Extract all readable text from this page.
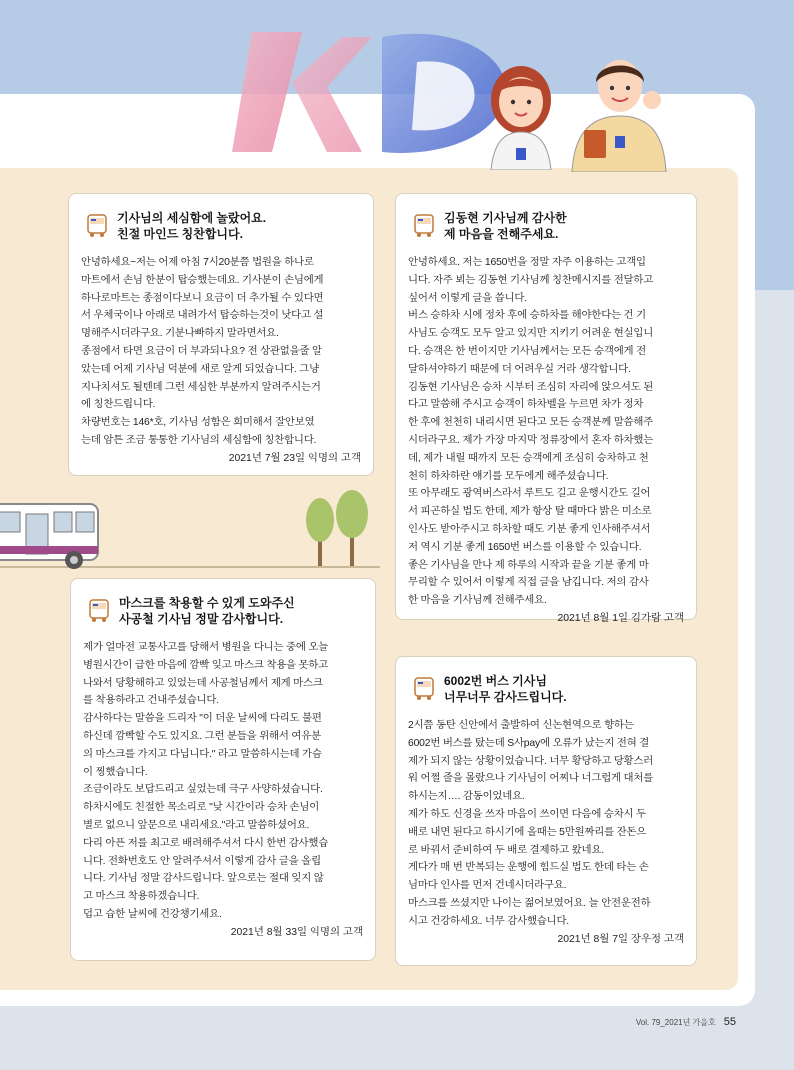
기사님의 세심함에 놀랐어요.
친절 마인드 칭찬합니다.
안녕하세요~저는 어제 아침 7시20분쯤 법원을 하나로
마트에서 손님 한분이 탑승했는데요. 기사분이 손님에게
하나로마트는 종점이다보니 요금이 더 추가될 수 있다면
서 우체국이나 아래로 내려가서 탑승하는것이 낫다고 설
명해주시더라구요. 기분나빠하지 말라면서요.
종점에서 타면 요금이 더 부과되나요? 전 상관없을줄 알
았는데 어제 기사님 덕분에 새로 알게 되었습니다. 그냥
지나치셔도 될텐데 그런 세심한 부분까지 알려주시는거
에 칭찬드립니다.
차량번호는 146*호, 기사님 성함은 희미해서 잘안보였
는데 암튼 조금 통통한 기사님의 세심함에 칭찬합니다.
2021년 7월 23일 익명의 고객
김동현 기사님께 감사한
제 마음을 전해주세요.
안녕하세요. 저는 1650번을 정말 자주 이용하는 고객입
니다. 자주 뵈는 김동현 기사님께 칭찬메시지를 전달하고
싶어서 이렇게 글을 씁니다.
버스 승하차 시에 정차 후에 승하차를 해야한다는 건 기
사님도 승객도 모두 알고 있지만 지키기 어려운 현실입니
다. 승객은 한 번이지만 기사님께서는 모든 승객에게 전
달하셔야하기 때문에 더 어려우실 거라 생각합니다.
김동현 기사님은 승차 시부터 조심히 자리에 앉으셔도 된
다고 말씀해 주시고 승객이 하차벨을 누르면 차가 정차
한 후에 천천히 내리시면 된다고 모든 승객분께 말씀해주
시더라구요. 제가 가장 마지막 정류장에서 혼자 하차했는
데, 제가 내릴 때까지 모든 승객에게 조심히 승차하고 천
천히 하차하란 얘기를 모두에게 해주셨습니다.
또 아무래도 광역버스라서 루트도 길고 운행시간도 길어
서 피곤하실 법도 한데, 제가 항상 탈 때마다 밝은 미소로
인사도 받아주시고 하차할 때도 기분 좋게 인사해주셔서
저 역시 기분 좋게 1650번 버스를 이용할 수 있습니다.
좋은 기사님을 만나 제 하루의 시작과 끝을 기분 좋게 마
무리할 수 있어서 이렇게 직접 글을 남깁니다. 저의 감사
한 마음을 기사님께 전해주세요.
2021년 8월 1일 김가람 고객
마스크를 착용할 수 있게 도와주신
사공철 기사님 정말 감사합니다.
제가 얼마전 교통사고를 당해서 병원을 다니는 중에 오늘
병원시간이 급한 마음에 깜빡 잊고 마스크 착용을 못하고
나와서 당황해하고 있었는데 사공철님께서 제게 마스크
를 착용하라고 건내주셨습니다.
감사하다는 말씀을 드리자 "이 더운 날씨에 다리도 불편
하신데 깜빡할 수도 있지요. 그런 분들을 위해서 여유분
의 마스크를 가지고 다닙니다." 라고 말씀하시는데 가슴
이 찡했습니다.
조금이라도 보답드리고 싶었는데 극구 사양하셨습니다.
하차시에도 친절한 목소리로 "낮 시간이라 승차 손님이
별로 없으니 앞문으로 내리세요."라고 말씀하셨어요.
다리 아픈 저를 최고로 배려해주셔서 다시 한번 감사했습
니다. 전화번호도 안 알려주셔서 이렇게 감사 글을 올립
니다. 기사님 정말 감사드립니다. 앞으로는 절대 잊지 않
고 마스크 착용하겠습니다.
덥고 습한 날씨에 건강챙기세요.
2021년 8월 33일 익명의 고객
6002번 버스 기사님
너무너무 감사드립니다.
2시쯤 동탄 신안에서 출발하여 신논현역으로 향하는
6002번 버스를 탔는데 S사pay에 오류가 났는지 전혀 결
제가 되지 않는 상황이었습니다. 너무 황당하고 당황스러
워 어쩔 줄을 몰랐으나 기사님이 어찌나 너그럽게 대처를
하시는지…. 감동이었네요.
제가 하도 신경을 쓰자 마음이 쓰이면 다음에 승차시 두
배로 내면 된다고 하시기에 올때는 5만원짜리를 잔돈으
로 바꿔서 준비하여 두 배로 결제하고 왔네요.
게다가 매 번 반복되는 운행에 힘드실 법도 한데 타는 손
님마다 인사를 먼저 건네시더라구요.
마스크를 쓰셨지만 나이는 젊어보였어요. 늘 안전운전하
시고 건강하세요. 너무 감사했습니다.
2021년 8월 7일 장우정 고객
Vol. 79_2021년 가을호 55
